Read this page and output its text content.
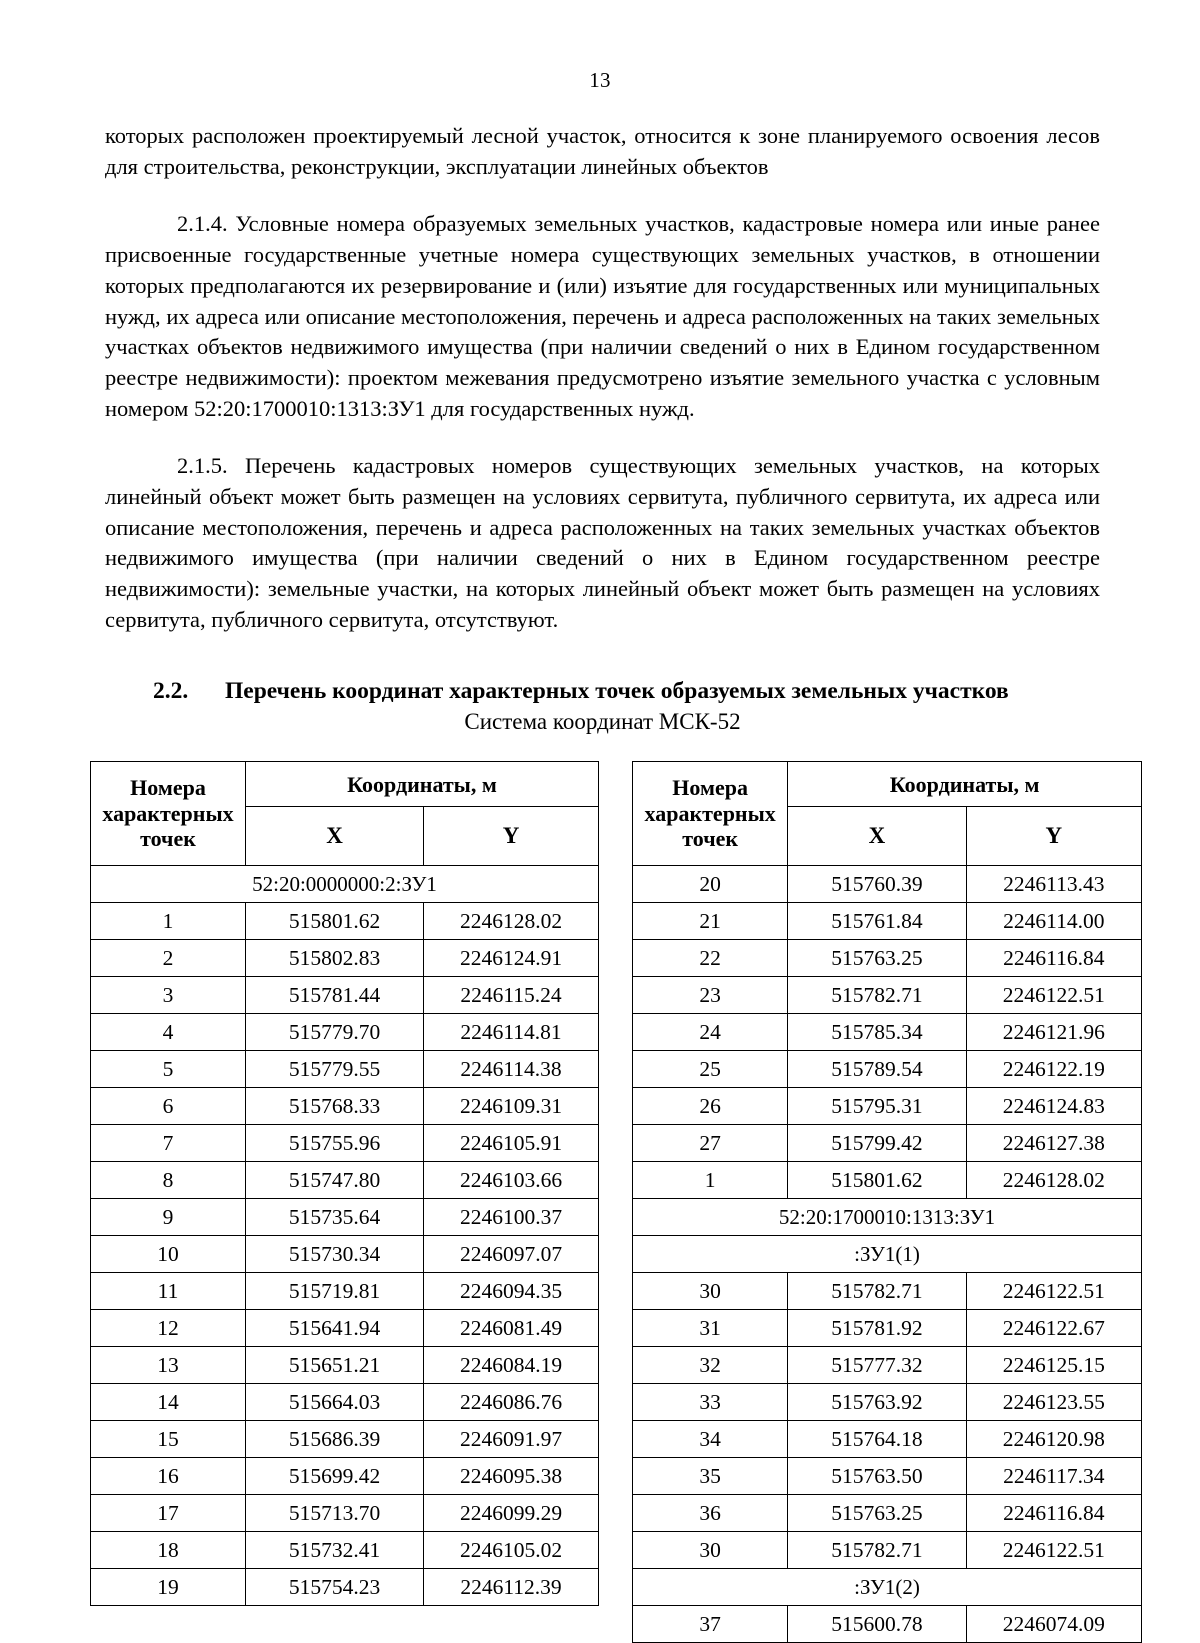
13

которых расположен проектируемый лесной участок, относится к зоне планируемого освоения лесов для строительства, реконструкции, эксплуатации линейных объектов

2.1.4. Условные номера образуемых земельных участков, кадастровые номера или иные ранее присвоенные государственные учетные номера существующих земельных участков, в отношении которых предполагаются их резервирование и (или) изъятие для государственных или муниципальных нужд, их адреса или описание местоположения, перечень и адреса расположенных на таких земельных участках объектов недвижимого имущества (при наличии сведений о них в Едином государственном реестре недвижимости): проектом межевания предусмотрено изъятие земельного участка с условным номером 52:20:1700010:1313:ЗУ1 для государственных нужд.

2.1.5. Перечень кадастровых номеров существующих земельных участков, на которых линейный объект может быть размещен на условиях сервитута, публичного сервитута, их адреса или описание местоположения, перечень и адреса расположенных на таких земельных участках объектов недвижимого имущества (при наличии сведений о них в Едином государственном реестре недвижимости): земельные участки, на которых линейный объект может быть размещен на условиях сервитута, публичного сервитута, отсутствуют.

2.2. Перечень координат характерных точек образуемых земельных участков
Система координат МСК-52
Номера
характерных
точек	Координаты, м	
	X	Y
52:20:0000000:2:ЗУ1		
1	515801.62	2246128.02
2	515802.83	2246124.91
3	515781.44	2246115.24
4	515779.70	2246114.81
5	515779.55	2246114.38
6	515768.33	2246109.31
7	515755.96	2246105.91
8	515747.80	2246103.66
9	515735.64	2246100.37
10	515730.34	2246097.07
11	515719.81	2246094.35
12	515641.94	2246081.49
13	515651.21	2246084.19
14	515664.03	2246086.76
15	515686.39	2246091.97
16	515699.42	2246095.38
17	515713.70	2246099.29
18	515732.41	2246105.02
19	515754.23	2246112.39
Номера
характерных
точек	Координаты, м	
	X	Y
20	515760.39	2246113.43
21	515761.84	2246114.00
22	515763.25	2246116.84
23	515782.71	2246122.51
24	515785.34	2246121.96
25	515789.54	2246122.19
26	515795.31	2246124.83
27	515799.42	2246127.38
1	515801.62	2246128.02
52:20:1700010:1313:ЗУ1		
:ЗУ1(1)		
30	515782.71	2246122.51
31	515781.92	2246122.67
32	515777.32	2246125.15
33	515763.92	2246123.55
34	515764.18	2246120.98
35	515763.50	2246117.34
36	515763.25	2246116.84
30	515782.71	2246122.51
:ЗУ1(2)		
37	515600.78	2246074.09
